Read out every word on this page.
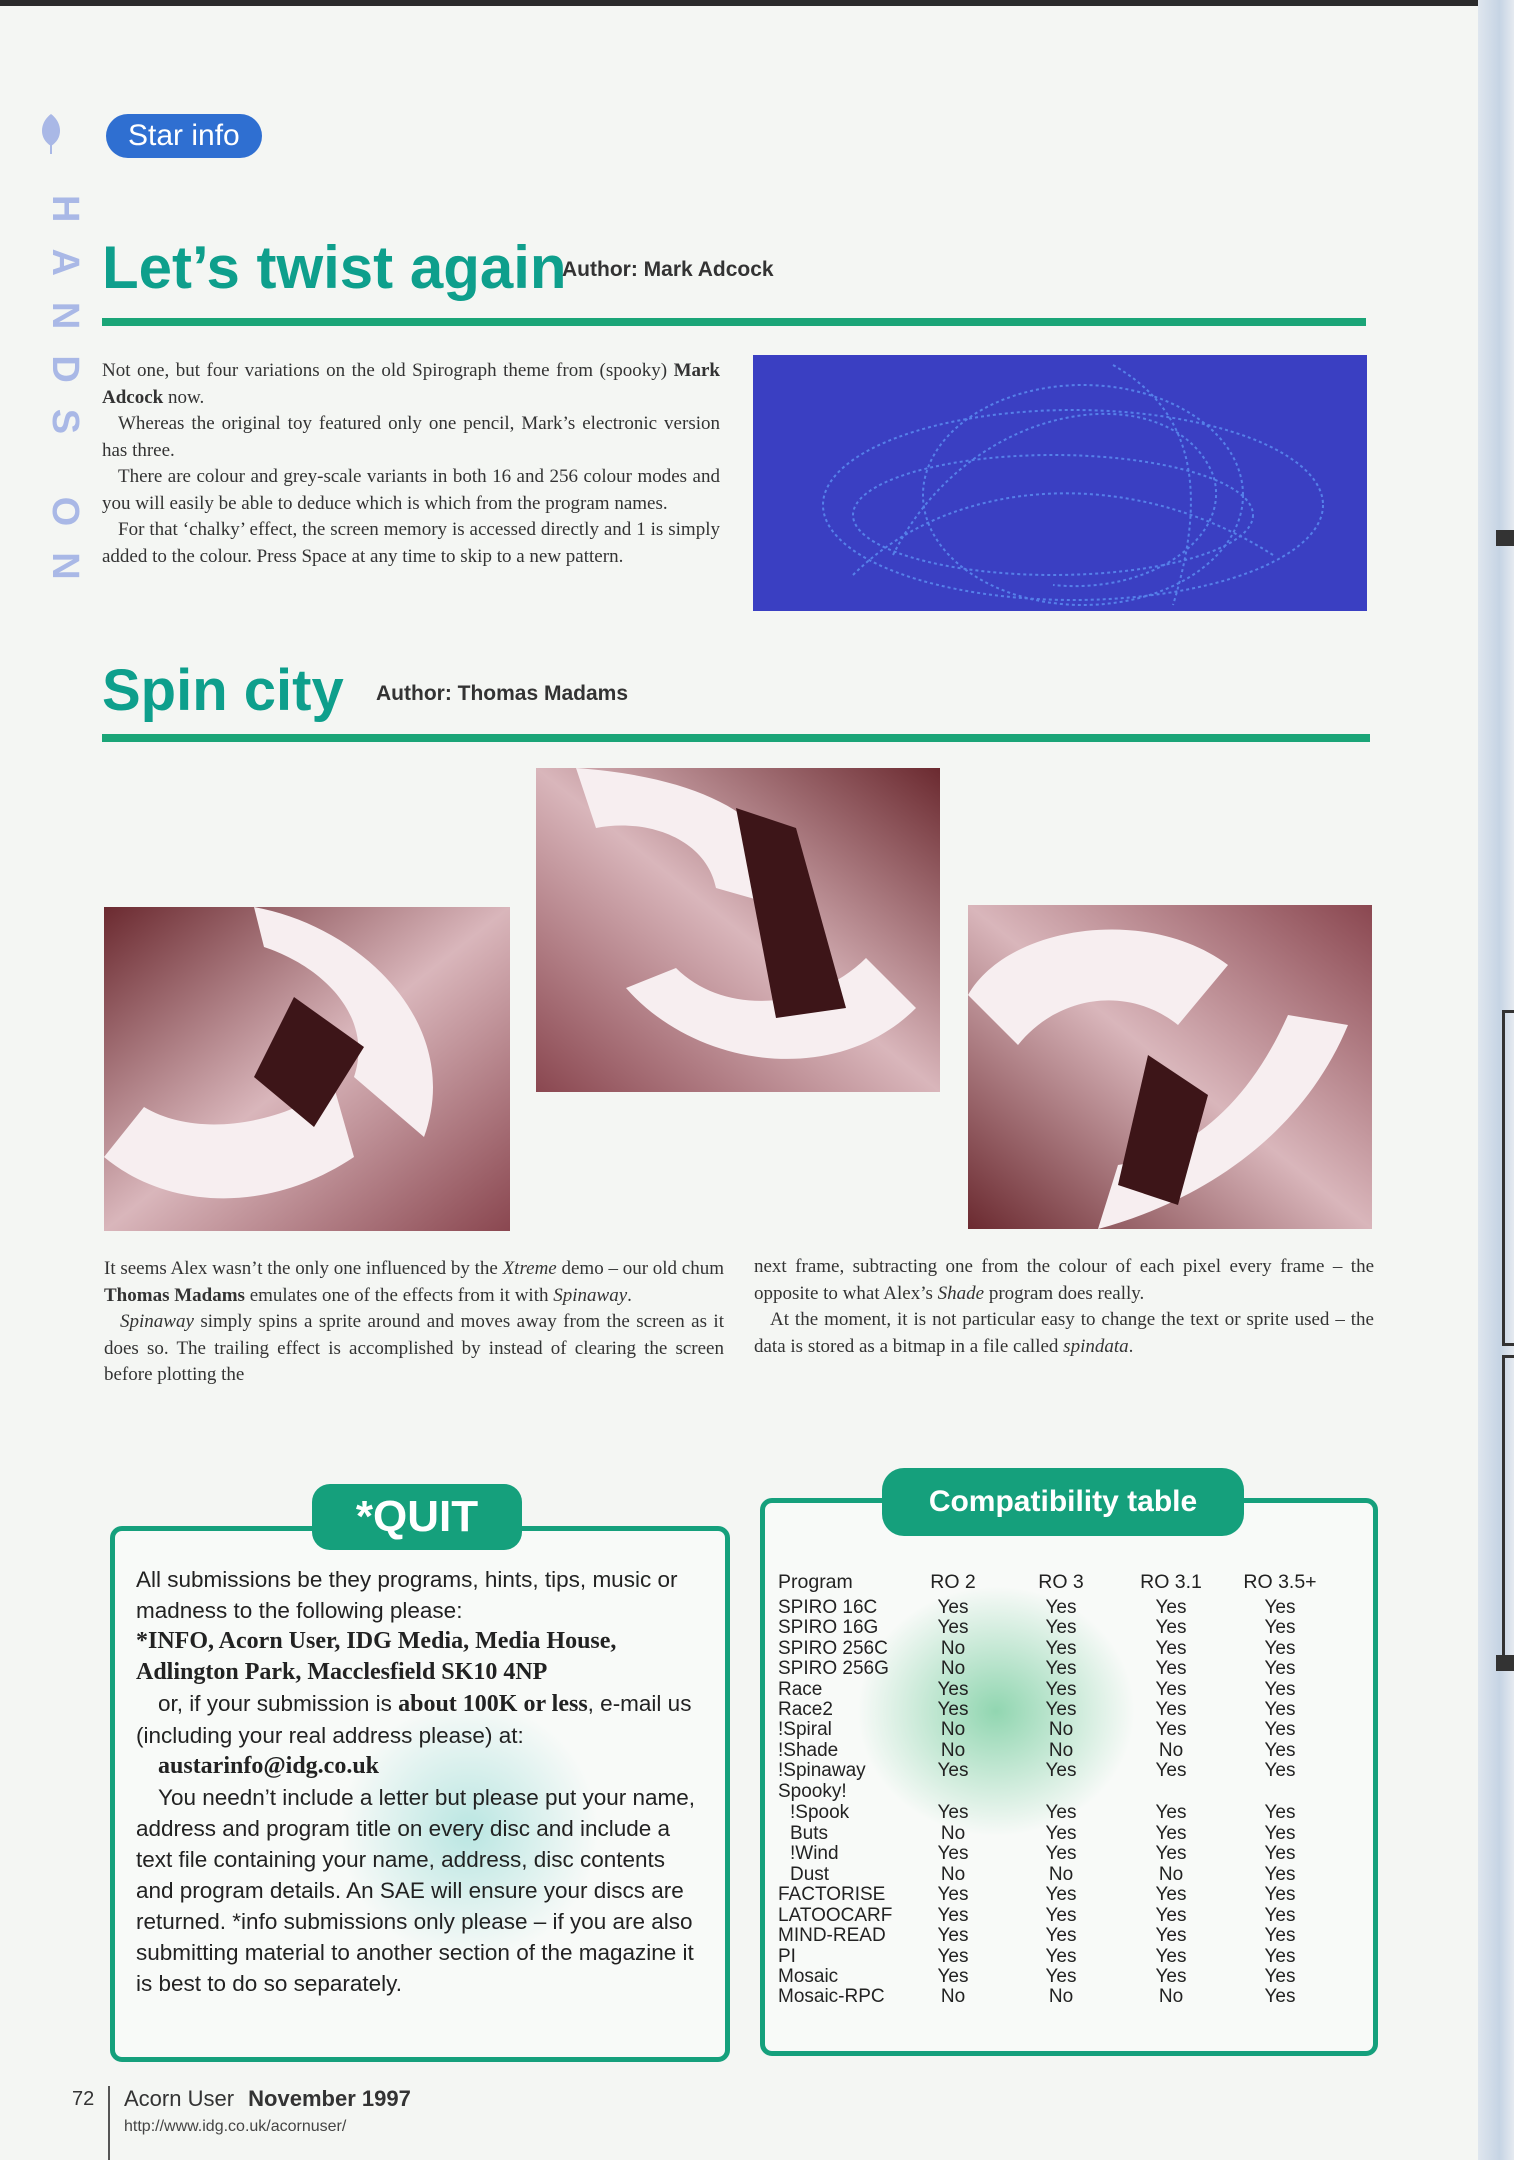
HANDS ON
Star info
Let’s twist again
Author: Mark Adcock

Not one, but four variations on the old Spirograph theme from (spooky) Mark Adcock now.

Whereas the original toy featured only one pencil, Mark’s electronic version has three.

There are colour and grey-scale variants in both 16 and 256 colour modes and you will easily be able to deduce which is which from the program names.

For that ‘chalky’ effect, the screen memory is accessed directly and 1 is simply added to the colour. Press Space at any time to skip to a new pattern.

Spin city Author: Thomas Madams

It seems Alex wasn’t the only one influenced by the Xtreme demo – our old chum Thomas Madams emulates one of the effects from it with Spinaway.

Spinaway simply spins a sprite around and moves away from the screen as it does so. The trailing effect is accomplished by instead of clearing the screen before plotting the

next frame, subtracting one from the colour of each pixel every frame – the opposite to what Alex’s Shade program does really.

At the moment, it is not particular easy to change the text or sprite used – the data is stored as a bitmap in a file called spindata.

*QUIT
All submissions be they programs, hints, tips, music or madness to the following please:
*INFO, Acorn User, IDG Media, Media House, Adlington Park, Macclesfield SK10 4NP
or, if your submission is about 100K or less, e-mail us (including your real address please) at:
austarinfo@idg.co.uk
You needn’t include a letter but please put your name, address and program title on every disc and include a text file containing your name, address, disc contents and program details. An SAE will ensure your discs are returned. *info submissions only please – if you are also submitting material to another section of the magazine it is best to do so separately.
Compatibility table
Program	RO 2	RO 3	RO 3.1	RO 3.5+
SPIRO 16C	Yes	Yes	Yes	Yes
SPIRO 16G	Yes	Yes	Yes	Yes
SPIRO 256C	No	Yes	Yes	Yes
SPIRO 256G	No	Yes	Yes	Yes
Race	Yes	Yes	Yes	Yes
Race2	Yes	Yes	Yes	Yes
!Spiral	No	No	Yes	Yes
!Shade	No	No	No	Yes
!Spinaway	Yes	Yes	Yes	Yes
Spooky!				
!Spook	Yes	Yes	Yes	Yes
Buts	No	Yes	Yes	Yes
!Wind	Yes	Yes	Yes	Yes
Dust	No	No	No	Yes
FACTORISE	Yes	Yes	Yes	Yes
LATOOCARF	Yes	Yes	Yes	Yes
MIND-READ	Yes	Yes	Yes	Yes
PI	Yes	Yes	Yes	Yes
Mosaic	Yes	Yes	Yes	Yes
Mosaic-RPC	No	No	No	Yes
72 Acorn User November 1997
http://www.idg.co.uk/acornuser/
